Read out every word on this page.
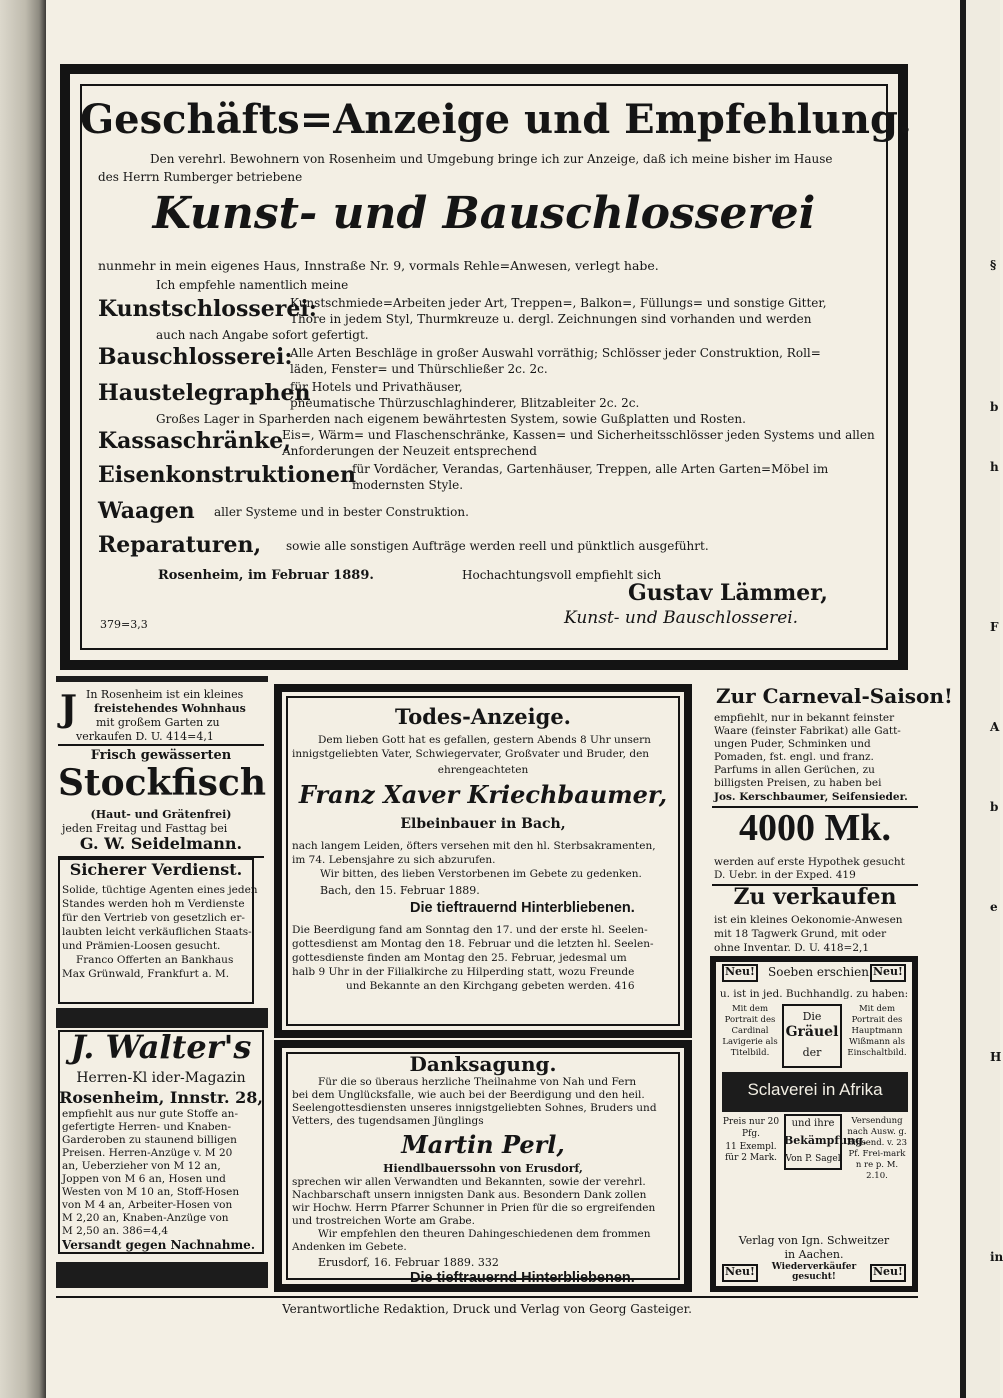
§
b
h
F
A
b
e
H
in
Geschäfts=Anzeige und Empfehlung.
Den verehrl. Bewohnern von Rosenheim und Umgebung bringe ich zur Anzeige, daß ich meine bisher im Hause
des Herrn Rumberger betriebene
Kunst- und Bauschlosserei
nunmehr in mein eigenes Haus, Innstraße Nr. 9, vormals Rehle=Anwesen, verlegt habe.
Ich empfehle namentlich meine
Kunstschlosserei:
Kunstschmiede=Arbeiten jeder Art, Treppen=, Balkon=, Füllungs= und sonstige Gitter,
Thore in jedem Styl, Thurmkreuze u. dergl. Zeichnungen sind vorhanden und werden
auch nach Angabe sofort gefertigt.
Bauschlosserei:
Alle Arten Beschläge in großer Auswahl vorräthig; Schlösser jeder Construktion, Roll=
läden, Fenster= und Thürschließer 2c. 2c.
Haustelegraphen
für Hotels und Privathäuser,
pneumatische Thürzuschlaghinderer, Blitzableiter 2c. 2c.
Großes Lager in Sparherden nach eigenem bewährtesten System, sowie Gußplatten und Rosten.
Kassaschränke,
Eis=, Wärm= und Flaschenschränke, Kassen= und Sicherheitsschlösser jeden Systems und allen
Anforderungen der Neuzeit entsprechend
Eisenkonstruktionen
für Vordächer, Verandas, Gartenhäuser, Treppen, alle Arten Garten=Möbel im
modernsten Style.
Waagen aller Systeme und in bester Construktion.
Reparaturen, sowie alle sonstigen Aufträge werden reell und pünktlich ausgeführt.
Rosenheim, im Februar 1889.	Hochachtungsvoll empfiehlt sich
Gustav Lämmer,
Kunst- und Bauschlosserei.
379=3,3
J In Rosenheim ist ein kleines
freistehendes Wohnhaus
mit großem Garten zu
verkaufen D. U. 414=4,1
Frisch gewässerten
Stockfisch
(Haut- und Grätenfrei)
jeden Freitag und Fasttag bei
G. W. Seidelmann.
Sicherer Verdienst.
Solide, tüchtige Agenten eines jeden
Standes werden hoh m Verdienste
für den Vertrieb von gesetzlich er-
laubten leicht verkäuflichen Staats-
und Prämien-Loosen gesucht.
Franco Offerten an Bankhaus
Max Grünwald, Frankfurt a. M.
J. Walter's
Herren-Kl ider-Magazin
Rosenheim, Innstr. 28,
empfiehlt aus nur gute Stoffe an-
gefertigte Herren- und Knaben-
Garderoben zu staunend billigen
Preisen. Herren-Anzüge v. M 20
an, Ueberzieher von M 12 an,
Joppen von M 6 an, Hosen und
Westen von M 10 an, Stoff-Hosen
von M 4 an, Arbeiter-Hosen von
M 2,20 an, Knaben-Anzüge von
M 2,50 an. 386=4,4
Versandt gegen Nachnahme.
Todes-Anzeige.
Dem lieben Gott hat es gefallen, gestern Abends 8 Uhr unsern
innigstgeliebten Vater, Schwiegervater, Großvater und Bruder, den
ehrengeachteten
Franz Xaver Kriechbaumer,
Elbeinbauer in Bach,
nach langem Leiden, öfters versehen mit den hl. Sterbsakramenten,
im 74. Lebensjahre zu sich abzurufen.
Wir bitten, des lieben Verstorbenen im Gebete zu gedenken.
Bach, den 15. Februar 1889.
Die tieftrauernd Hinterbliebenen.
Die Beerdigung fand am Sonntag den 17. und der erste hl. Seelen-
gottesdienst am Montag den 18. Februar und die letzten hl. Seelen-
gottesdienste finden am Montag den 25. Februar, jedesmal um
halb 9 Uhr in der Filialkirche zu Hilperding statt, wozu Freunde
und Bekannte an den Kirchgang gebeten werden. 416
Danksagung.
Für die so überaus herzliche Theilnahme von Nah und Fern
bei dem Unglücksfalle, wie auch bei der Beerdigung und den heil.
Seelengottesdiensten unseres innigstgeliebten Sohnes, Bruders und
Vetters, des tugendsamen Jünglings
Martin Perl,
Hiendlbauerssohn von Erusdorf,
sprechen wir allen Verwandten und Bekannten, sowie der verehrl.
Nachbarschaft unsern innigsten Dank aus. Besondern Dank zollen
wir Hochw. Herrn Pfarrer Schunner in Prien für die so ergreifenden
und trostreichen Worte am Grabe.
Wir empfehlen den theuren Dahingeschiedenen dem frommen
Andenken im Gebete.
Erusdorf, 16. Februar 1889. 332
Die tieftrauernd Hinterbliebenen.
Zur Carneval-Saison!
empfiehlt, nur in bekannt feinster
Waare (feinster Fabrikat) alle Gatt-
ungen Puder, Schminken und
Pomaden, fst. engl. und franz.
Parfums in allen Gerüchen, zu
billigsten Preisen, zu haben bei
Jos. Kerschbaumer, Seifensieder.
4000 Mk.
werden auf erste Hypothek gesucht
D. Uebr. in der Exped. 419
Zu verkaufen
ist ein kleines Oekonomie-Anwesen
mit 18 Tagwerk Grund, mit oder
ohne Inventar. D. U. 418=2,1
Neu! Soeben erschien Neu!
u. ist in jed. Buchhandlg. zu haben:
Mit dem Portrait des Cardinal Lavigerie als Titelbild.
Die
Gräuel
der
Mit dem Portrait des Hauptmann Wißmann als Einschaltbild.
Sclaverei in Afrika
Preis nur 20 Pfg.
11 Exempl. für 2 Mark.
und ihre
Bekämpfung.
Von P. Sagel
Versendung nach Ausw. g. Einsend. v. 23 Pf. Frei-mark n re p. M. 2.10.
Verlag von Ign. Schweitzer
in Aachen.
Neu!	Wiederverkäufer gesucht!	Neu!
Verantwortliche Redaktion, Druck und Verlag von Georg Gasteiger.
